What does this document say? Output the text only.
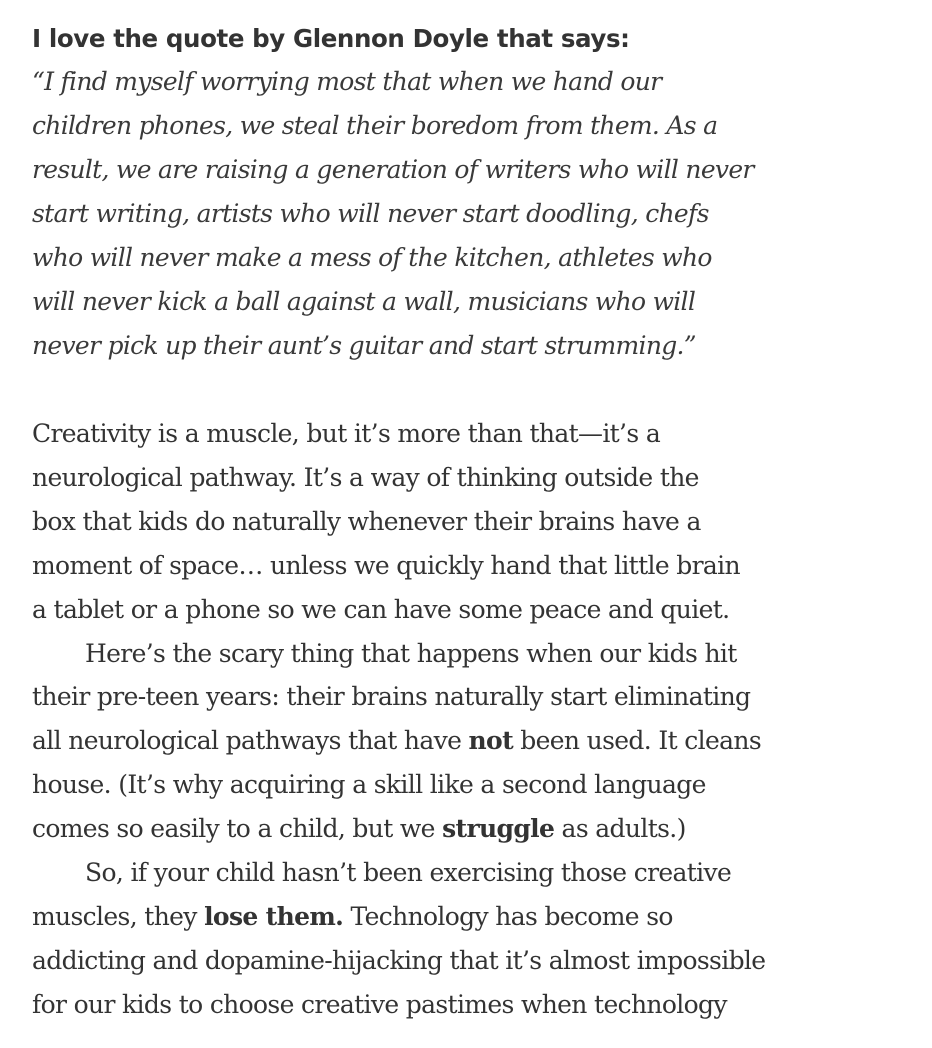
I love the quote by Glennon Doyle that says:

“I find myself worrying most that when we hand our
children phones, we steal their boredom from them. As a
result, we are raising a generation of writers who will never
start writing, artists who will never start doodling, chefs
who will never make a mess of the kitchen, athletes who
will never kick a ball against a wall, musicians who will
never pick up their aunt’s guitar and start strumming.”

Creativity is a muscle, but it’s more than that—it’s a
neurological pathway. It’s a way of thinking outside the
box that kids do naturally whenever their brains have a
moment of space… unless we quickly hand that little brain
a tablet or a phone so we can have some peace and quiet.

Here’s the scary thing that happens when our kids hit
their pre-teen years: their brains naturally start eliminating
all neurological pathways that have not been used. It cleans
house. (It’s why acquiring a skill like a second language
comes so easily to a child, but we struggle as adults.)

So, if your child hasn’t been exercising those creative
muscles, they lose them. Technology has become so
addicting and dopamine-hijacking that it’s almost impossible
for our kids to choose creative pastimes when technology
